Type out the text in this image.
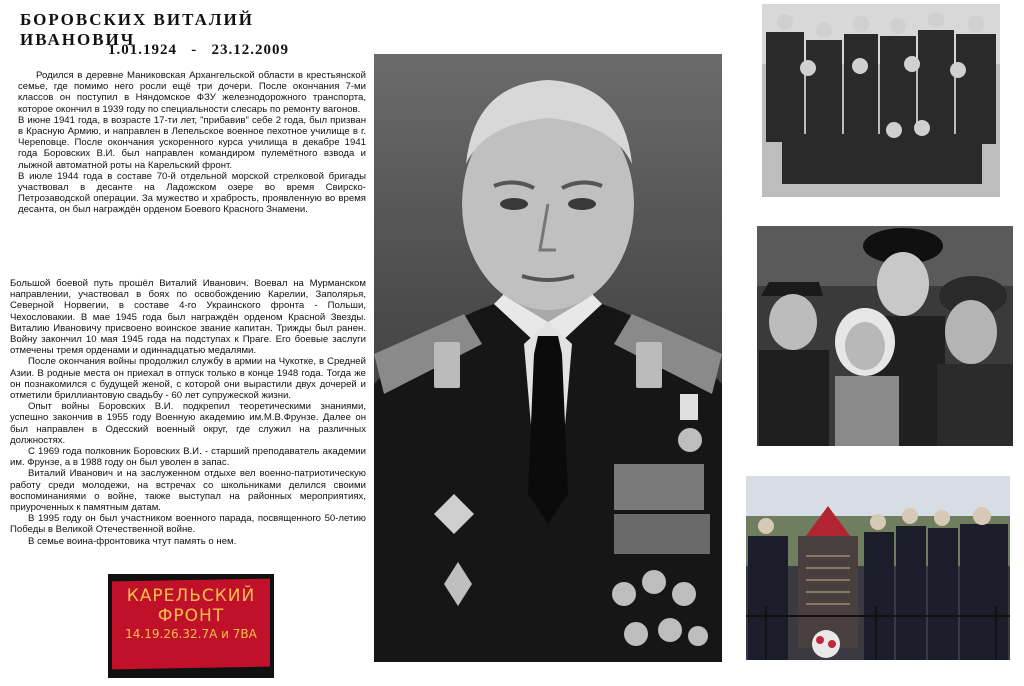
БОРОВСКИХ ВИТАЛИЙ ИВАНОВИЧ
1.01.1924   -   23.12.2009

Родился в деревне Маниковская Архангельской области в крестьянской семье, где помимо него росли ещё три дочери. После окончания 7-ми классов он поступил в Няндомское ФЗУ железнодорожного транспорта, которое окончил в 1939 году по специальности слесарь по ремонту вагонов.

В июне 1941 года, в возрасте 17-ти лет, "прибавив" себе 2 года, был призван в Красную Армию, и направлен в Лепельское военное пехотное училище в г. Череповце. После окончания ускоренного курса училища в декабре 1941 года Боровских В.И. был направлен командиром пулемётного взвода и лыжной автоматной роты на Карельский фронт.

В июле 1944 года в составе 70-й отдельной морской стрелковой бригады участвовал в десанте на Ладожском озере во время Свирско-Петрозаводской операции. За мужество и храбрость, проявленную во время десанта, он был награждён орденом Боевого Красного Знамени.

Большой боевой путь прошёл Виталий Иванович. Воевал на Мурманском направлении, участвовал в боях по освобождению Карелии, Заполярья, Северной Норвегии, в составе 4-го Украинского фронта - Польши, Чехословакии. В мае 1945 года был награждён орденом Красной Звезды. Виталию Ивановичу присвоено воинское звание капитан. Трижды был ранен. Войну закончил 10 мая 1945 года на подступах к Праге. Его боевые заслуги отмечены тремя орденами и одиннадцатью медалями.

После окончания войны продолжил службу в армии на Чукотке, в Средней Азии. В родные места он приехал в отпуск только в конце 1948 года. Тогда же он познакомился с будущей женой, с которой они вырастили двух дочерей и отметили бриллиантовую свадьбу - 60 лет супружеской жизни.

Опыт войны Боровских В.И. подкрепил теоретическими знаниями, успешно закончив в 1955 году Военную академию им.М.В.Фрунзе. Далее он был направлен в Одесский военный округ, где служил на различных должностях.

С 1969 года полковник Боровских В.И. - старший преподаватель академии им. Фрунзе, а в 1988 году он был уволен в запас.

Виталий Иванович и на заслуженном отдыхе вел военно-патриотическую работу среди молодежи, на встречах со школьниками делился своими воспоминаниями о войне, также выступал на районных мероприятиях, приуроченных к памятным датам.

В 1995 году он был участником военного парада, посвященного 50-летию Победы в Великой Отечественной войне.

В семье воина-фронтовика чтут память о нем.

КАРЕЛЬСКИЙ
ФРОНТ
14.19.26.32.7А и 7ВА
